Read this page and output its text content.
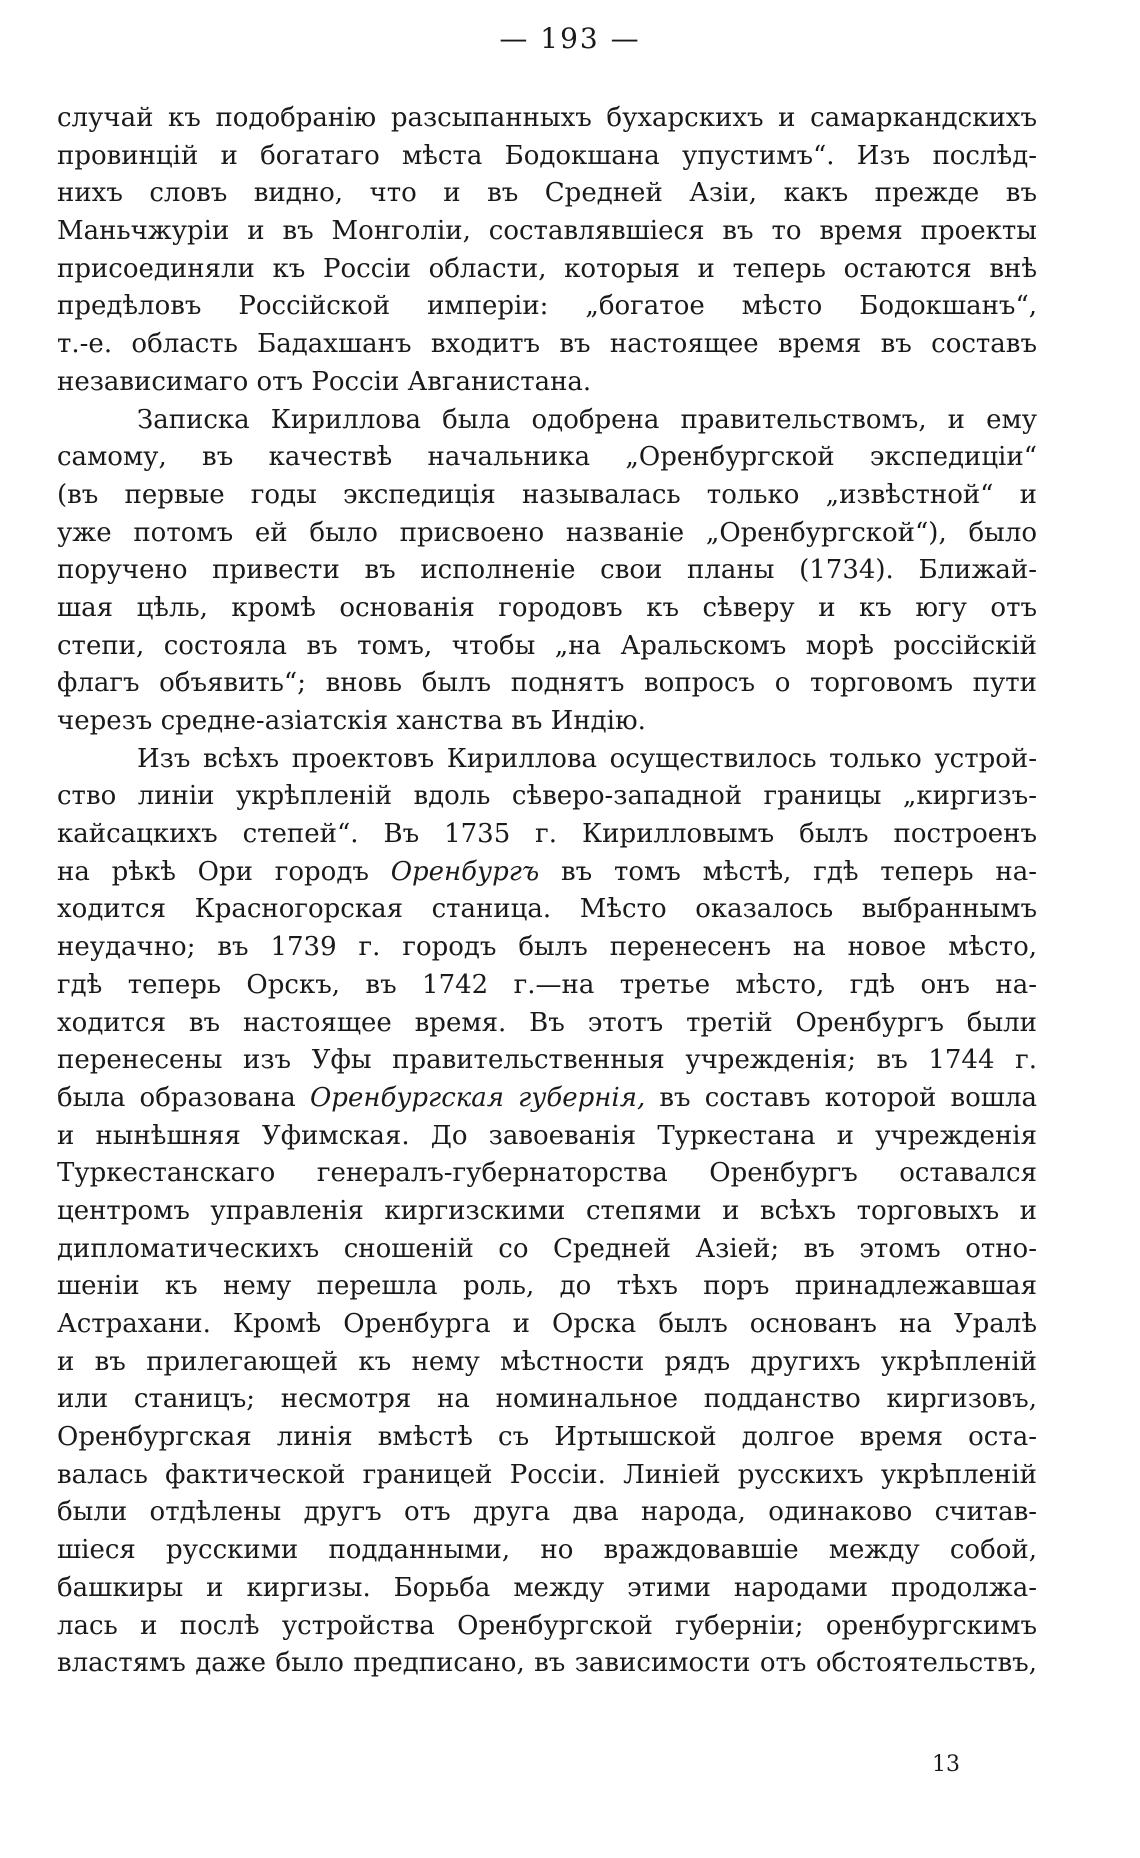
— 193 —
случай къ подобранію разсыпанныхъ бухарскихъ и самаркандскихъ
провинцій и богатаго мѣста Бодокшана упустимъ“. Изъ послѣд-
нихъ словъ видно, что и въ Средней Азіи, какъ прежде въ
Маньчжуріи и въ Монголіи, составлявшіеся въ то время проекты
присоединяли къ Россіи области, которыя и теперь остаются внѣ
предѣловъ Россійской имперіи: „богатое мѣсто Бодокшанъ“,
т.-е. область Бадахшанъ входитъ въ настоящее время въ составъ
независимаго отъ Россіи Авганистана.
Записка Кириллова была одобрена правительствомъ, и ему
самому, въ качествѣ начальника „Оренбургской экспедиціи“
(въ первые годы экспедиція называлась только „извѣстной“ и
уже потомъ ей было присвоено названіе „Оренбургской“), было
поручено привести въ исполненіе свои планы (1734). Ближай-
шая цѣль, кромѣ основанія городовъ къ сѣверу и къ югу отъ
степи, состояла въ томъ, чтобы „на Аральскомъ морѣ россійскій
флагъ объявить“; вновь былъ поднятъ вопросъ о торговомъ пути
черезъ средне-азіатскія ханства въ Индію.
Изъ всѣхъ проектовъ Кириллова осуществилось только устрой-
ство линіи укрѣпленій вдоль сѣверо-западной границы „киргизъ-
кайсацкихъ степей“. Въ 1735 г. Кирилловымъ былъ построенъ
на рѣкѣ Ори городъ Оренбургъ въ томъ мѣстѣ, гдѣ теперь на-
ходится Красногорская станица. Мѣсто оказалось выбраннымъ
неудачно; въ 1739 г. городъ былъ перенесенъ на новое мѣсто,
гдѣ теперь Орскъ, въ 1742 г.—на третье мѣсто, гдѣ онъ на-
ходится въ настоящее время. Въ этотъ третій Оренбургъ были
перенесены изъ Уфы правительственныя учрежденія; въ 1744 г.
была образована Оренбургская губернія, въ составъ которой вошла
и нынѣшняя Уфимская. До завоеванія Туркестана и учрежденія
Туркестанскаго генералъ-губернаторства Оренбургъ оставался
центромъ управленія киргизскими степями и всѣхъ торговыхъ и
дипломатическихъ сношеній со Средней Азіей; въ этомъ отно-
шеніи къ нему перешла роль, до тѣхъ поръ принадлежавшая
Астрахани. Кромѣ Оренбурга и Орска былъ основанъ на Уралѣ
и въ прилегающей къ нему мѣстности рядъ другихъ укрѣпленій
или станицъ; несмотря на номинальное подданство киргизовъ,
Оренбургская линія вмѣстѣ съ Иртышской долгое время оста-
валась фактической границей Россіи. Линіей русскихъ укрѣпленій
были отдѣлены другъ отъ друга два народа, одинаково считав-
шіеся русскими подданными, но враждовавшіе между собой,
башкиры и киргизы. Борьба между этими народами продолжа-
лась и послѣ устройства Оренбургской губерніи; оренбургскимъ
властямъ даже было предписано, въ зависимости отъ обстоятельствъ,
13
